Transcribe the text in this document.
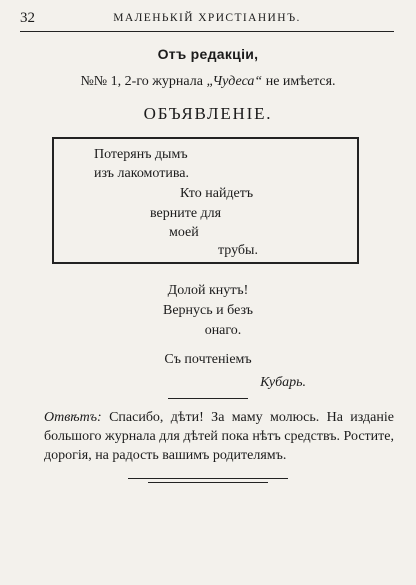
32	МАЛЕНЬКІЙ ХРИСТІАНИНЪ.
Отъ редакціи,
№№ 1, 2-го журнала „Чудеса“ не имѣется.
ОБЪЯВЛЕНІЕ.
Потерянъ дымъ
изъ лакомотива.
Кто найдетъ
верните для
моей
трубы.
Долой кнутъ!
Вернусь и безъ
онаго.
Съ почтеніемъ
Кубарь.
Отвѣтъ: Спасибо, дѣти! За маму молюсь. На изданіе большого журнала для дѣтей пока нѣтъ средствъ. Ростите, дорогія, на радость вашимъ родителямъ.
